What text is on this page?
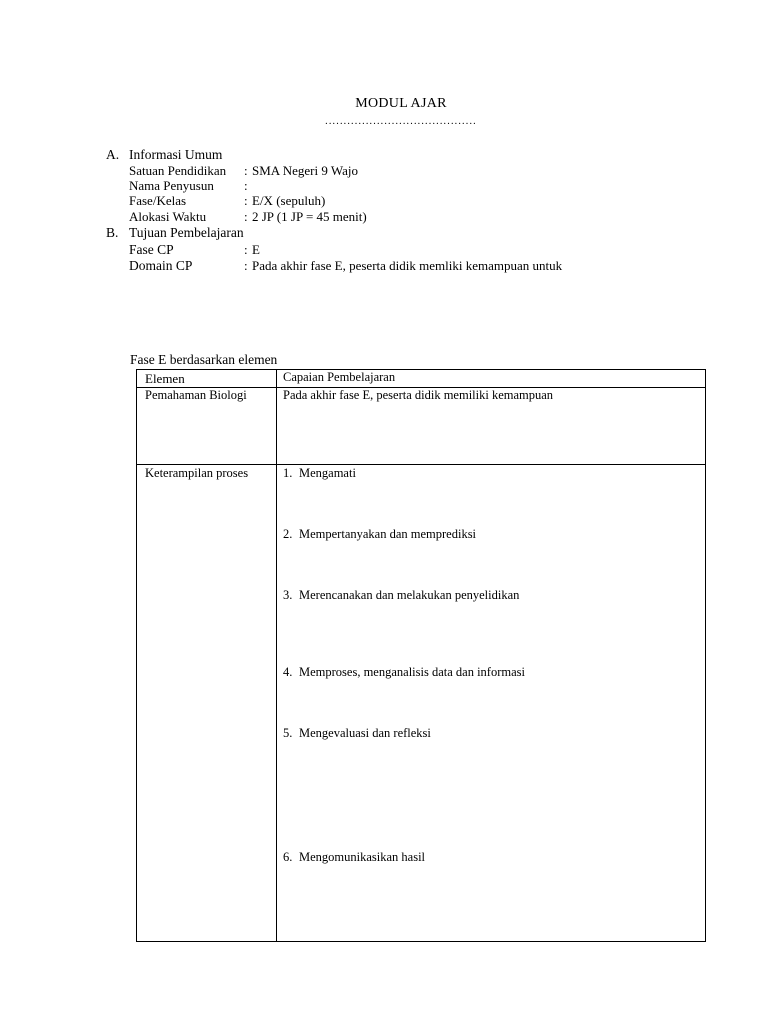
MODUL AJAR
.........................................
A. Informasi Umum
Satuan Pendidikan : SMA Negeri 9 Wajo
Nama Penyusun :
Fase/Kelas	: E/X (sepuluh)
Alokasi Waktu	: 2 JP (1 JP = 45 menit)
B. Tujuan Pembelajaran
Fase CP	: E
Domain CP	: Pada akhir fase E, peserta didik memliki kemampuan untuk
Fase E berdasarkan elemen
Elemen	Capaian Pembelajaran
Pemahaman Biologi	Pada akhir fase E, peserta didik memiliki kemampuan
Keterampilan proses	1. Mengamati
2. Mempertanyakan dan memprediksi
3. Merencanakan dan melakukan penyelidikan
4. Memproses, menganalisis data dan informasi
5. Mengevaluasi dan refleksi
6. Mengomunikasikan hasil
